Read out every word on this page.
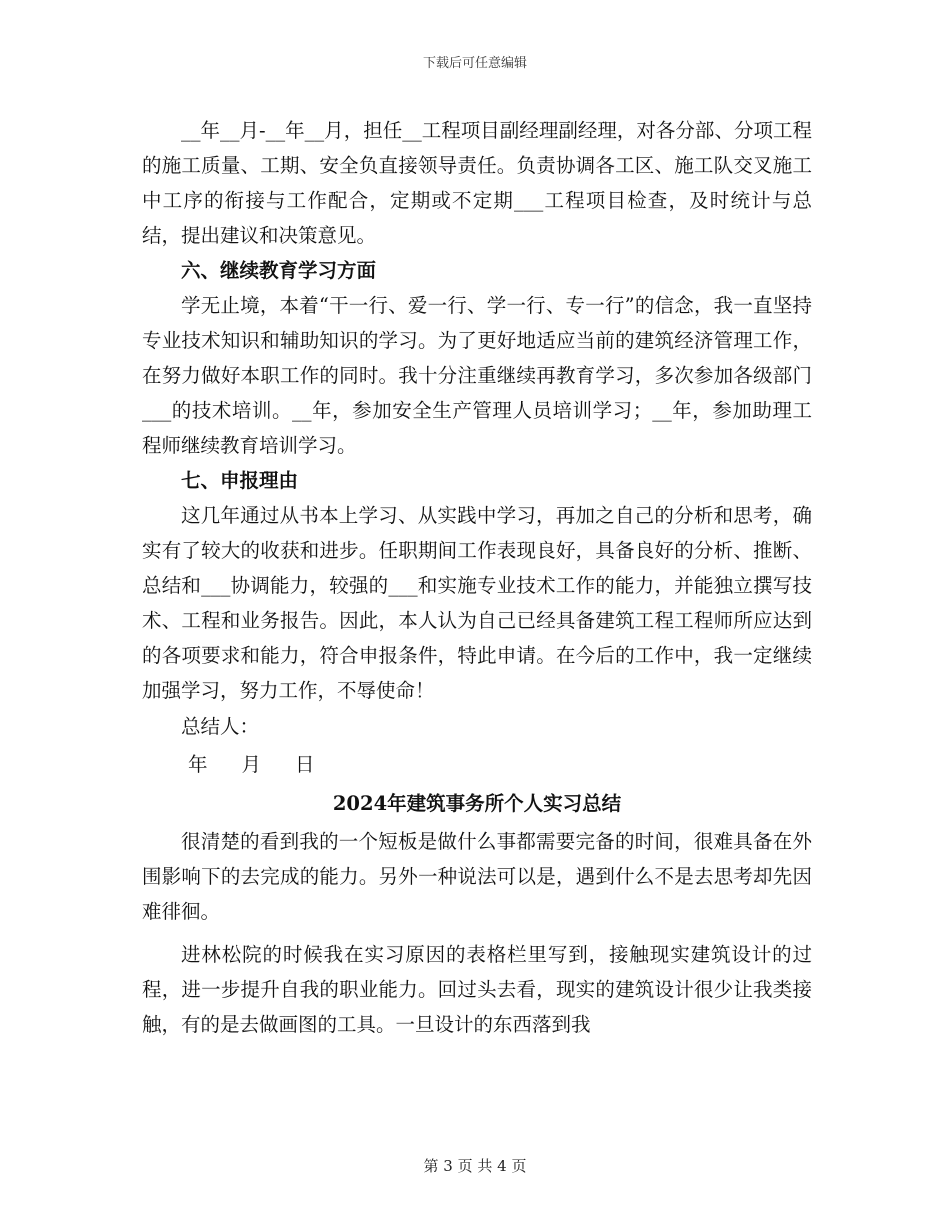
下载后可任意编辑

__年__月-__年__月，担任__工程项目副经理副经理，对各分部、分项工程的施工质量、工期、安全负直接领导责任。负责协调各工区、施工队交叉施工中工序的衔接与工作配合，定期或不定期___工程项目检查，及时统计与总结，提出建议和决策意见。

六、继续教育学习方面

学无止境，本着“干一行、爱一行、学一行、专一行”的信念，我一直坚持专业技术知识和辅助知识的学习。为了更好地适应当前的建筑经济管理工作，在努力做好本职工作的同时。我十分注重继续再教育学习，多次参加各级部门___的技术培训。__年，参加安全生产管理人员培训学习；__年，参加助理工程师继续教育培训学习。

七、申报理由

这几年通过从书本上学习、从实践中学习，再加之自己的分析和思考，确实有了较大的收获和进步。任职期间工作表现良好，具备良好的分析、推断、总结和___协调能力，较强的___和实施专业技术工作的能力，并能独立撰写技术、工程和业务报告。因此，本人认为自己已经具备建筑工程工程师所应达到的各项要求和能力，符合申报条件，特此申请。在今后的工作中，我一定继续加强学习，努力工作，不辱使命！

总结人：

年 月 日

2024年建筑事务所个人实习总结

很清楚的看到我的一个短板是做什么事都需要完备的时间，很难具备在外围影响下的去完成的能力。另外一种说法可以是，遇到什么不是去思考却先因难徘徊。

进林松院的时候我在实习原因的表格栏里写到，接触现实建筑设计的过程，进一步提升自我的职业能力。回过头去看，现实的建筑设计很少让我类接触，有的是去做画图的工具。一旦设计的东西落到我

第 3 页 共 4 页
